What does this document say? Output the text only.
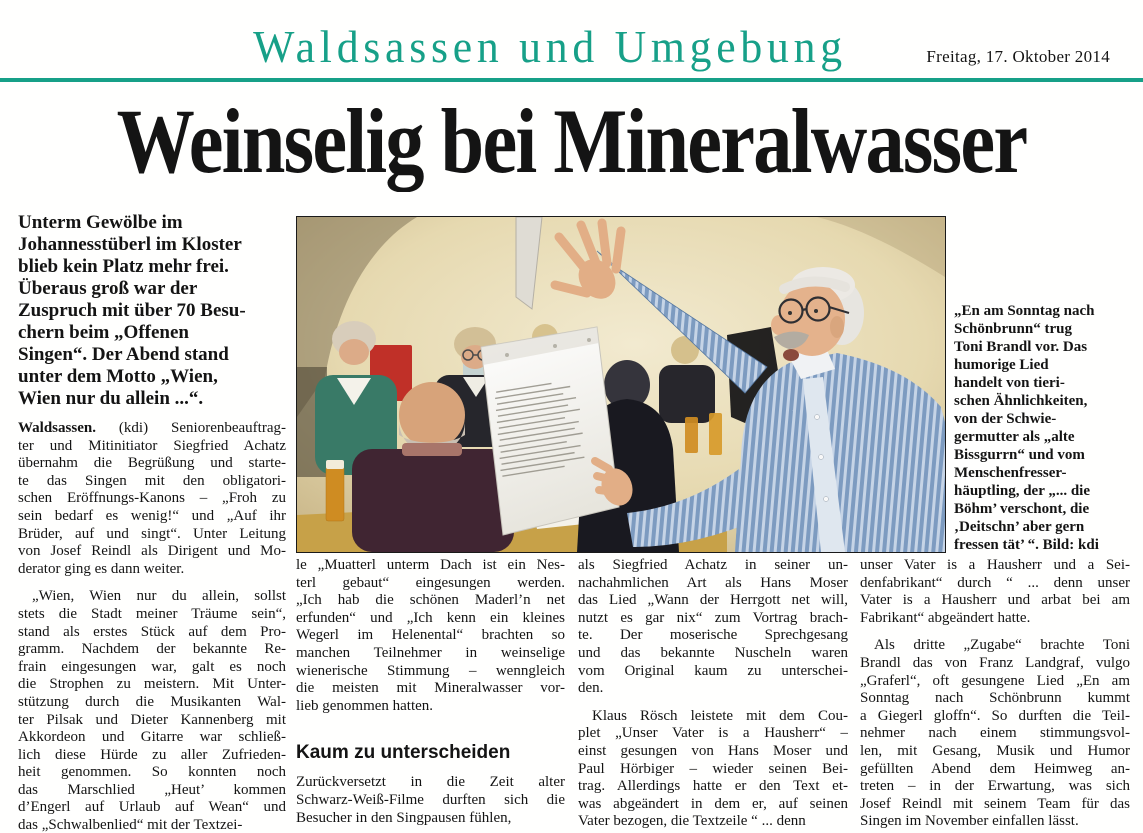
Waldsassen und Umgebung	Freitag, 17. Oktober 2014
Weinselig bei Mineralwasser
Unterm Gewölbe im
Johannesstüberl im Kloster
blieb kein Platz mehr frei.
Überaus groß war der
Zuspruch mit über 70 Besu-
chern beim „Offenen
Singen“. Der Abend stand
unter dem Motto „Wien,
Wien nur du allein ...“.
Waldsassen. (kdi) Seniorenbeauftrag-
ter und Mitinitiator Siegfried Achatz
übernahm die Begrüßung und starte-
te das Singen mit den obligatori-
schen Eröffnungs-Kanons – „Froh zu
sein bedarf es wenig!“ und „Auf ihr
Brüder, auf und singt“. Unter Leitung
von Josef Reindl als Dirigent und Mo-
derator ging es dann weiter.
„Wien, Wien nur du allein, sollst
stets die Stadt meiner Träume sein“,
stand als erstes Stück auf dem Pro-
gramm. Nachdem der bekannte Re-
frain eingesungen war, galt es noch
die Strophen zu meistern. Mit Unter-
stützung durch die Musikanten Wal-
ter Pilsak und Dieter Kannenberg mit
Akkordeon und Gitarre war schließ-
lich diese Hürde zu aller Zufrieden-
heit genommen. So konnten noch
das Marschlied „Heut’ kommen
d’Engerl auf Urlaub auf Wean“ und
das „Schwalbenlied“ mit der Textzei-
„En am Sonntag nach
Schönbrunn“ trug
Toni Brandl vor. Das
humorige Lied
handelt von tieri-
schen Ähnlichkeiten,
von der Schwie-
germutter als „alte
Bissgurrn“ und vom
Menschenfresser-
häuptling, der „... die
Böhm’ verschont, die
‚Deitschn’ aber gern
fressen tät’ “. Bild: kdi
le „Muatterl unterm Dach ist ein Nes-
terl gebaut“ eingesungen werden.
„Ich hab die schönen Maderl’n net
erfunden“ und „Ich kenn ein kleines
Wegerl im Helenental“ brachten so
manchen Teilnehmer in weinselige
wienerische Stimmung – wenngleich
die meisten mit Mineralwasser vor-
lieb genommen hatten.
Kaum zu unterscheiden
Zurückversetzt in die Zeit alter
Schwarz-Weiß-Filme durften sich die
Besucher in den Singpausen fühlen,
als Siegfried Achatz in seiner un-
nachahmlichen Art als Hans Moser
das Lied „Wann der Herrgott net will,
nutzt es gar nix“ zum Vortrag brach-
te. Der moserische Sprechgesang
und das bekannte Nuscheln waren
vom Original kaum zu unterschei-
den.
Klaus Rösch leistete mit dem Cou-
plet „Unser Vater is a Hausherr“ –
einst gesungen von Hans Moser und
Paul Hörbiger – wieder seinen Bei-
trag. Allerdings hatte er den Text et-
was abgeändert in dem er, auf seinen
Vater bezogen, die Textzeile “ ... denn
unser Vater is a Hausherr und a Sei-
denfabrikant“ durch “ ... denn unser
Vater is a Hausherr und arbat bei am
Fabrikant“ abgeändert hatte.
Als dritte „Zugabe“ brachte Toni
Brandl das von Franz Landgraf, vulgo
„Graferl“, oft gesungene Lied „En am
Sonntag nach Schönbrunn kummt
a Giegerl gloffn“. So durften die Teil-
nehmer nach einem stimmungsvol-
len, mit Gesang, Musik und Humor
gefüllten Abend dem Heimweg an-
treten – in der Erwartung, was sich
Josef Reindl mit seinem Team für das
Singen im November einfallen lässt.
